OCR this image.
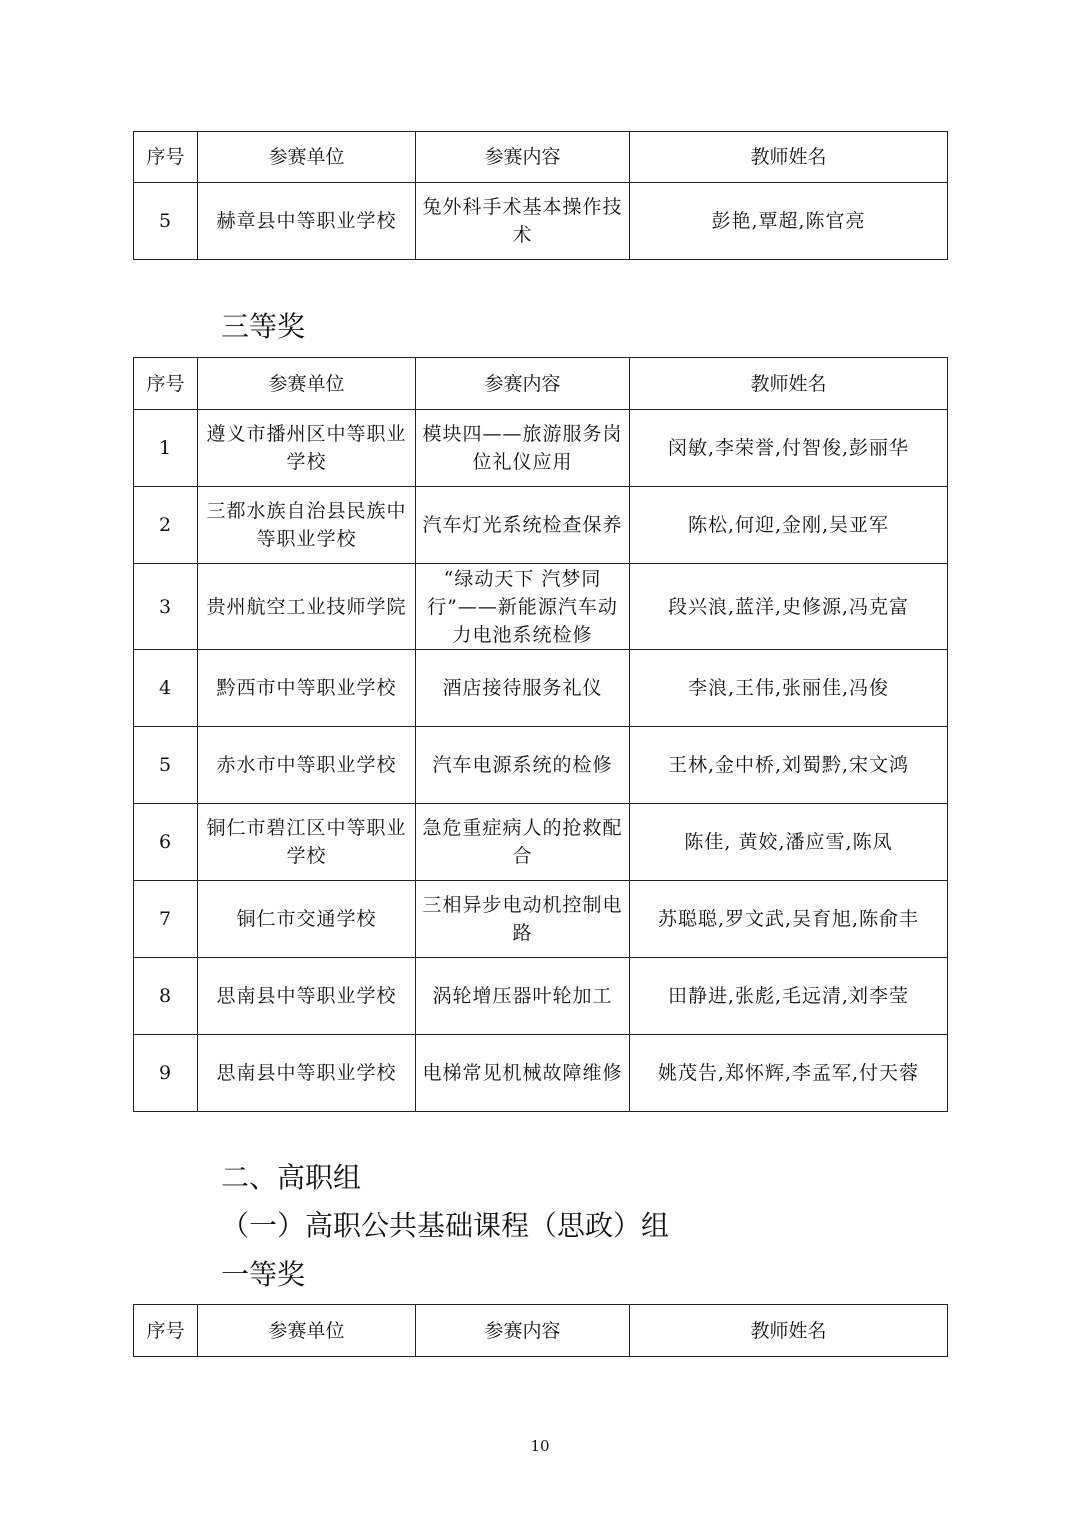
序号	参赛单位	参赛内容	教师姓名
5	赫章县中等职业学校	兔外科手术基本操作技术	彭艳,覃超,陈官亮
三等奖
序号	参赛单位	参赛内容	教师姓名
1	遵义市播州区中等职业学校	模块四——旅游服务岗位礼仪应用	闵敏,李荣誉,付智俊,彭丽华
2	三都水族自治县民族中等职业学校	汽车灯光系统检查保养	陈松,何迎,金刚,吴亚军
3	贵州航空工业技师学院	“绿动天下 汽梦同行”——新能源汽车动力电池系统检修	段兴浪,蓝洋,史修源,冯克富
4	黔西市中等职业学校	酒店接待服务礼仪	李浪,王伟,张丽佳,冯俊
5	赤水市中等职业学校	汽车电源系统的检修	王林,金中桥,刘蜀黔,宋文鸿
6	铜仁市碧江区中等职业学校	急危重症病人的抢救配合	陈佳, 黄姣,潘应雪,陈凤
7	铜仁市交通学校	三相异步电动机控制电路	苏聪聪,罗文武,吴育旭,陈俞丰
8	思南县中等职业学校	涡轮增压器叶轮加工	田静进,张彪,毛远清,刘李莹
9	思南县中等职业学校	电梯常见机械故障维修	姚茂告,郑怀辉,李孟军,付天蓉
二、高职组
（一）高职公共基础课程（思政）组
一等奖
序号	参赛单位	参赛内容	教师姓名
10
